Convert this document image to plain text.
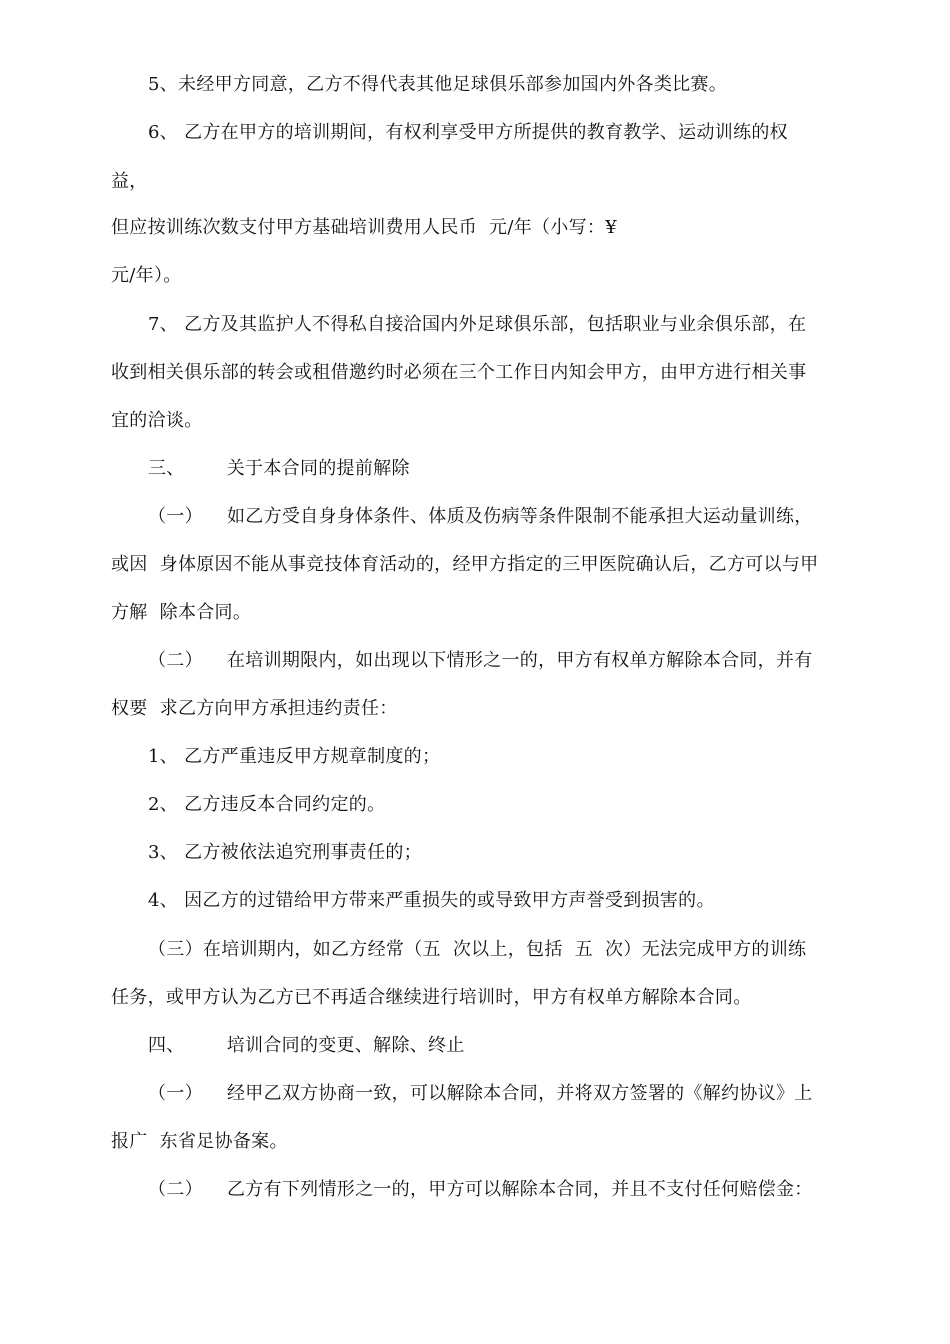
5、未经甲方同意，乙方不得代表其他足球俱乐部参加国内外各类比赛。
6、 乙方在甲方的培训期间，有权利享受甲方所提供的教育教学、运动训练的权
益，
但应按训练次数支付甲方基础培训费用人民币  元/年（小写：¥
元/年）。
7、 乙方及其监护人不得私自接洽国内外足球俱乐部，包括职业与业余俱乐部，在
收到相关俱乐部的转会或租借邀约时必须在三个工作日内知会甲方，由甲方进行相关事
宜的洽谈。
三、       关于本合同的提前解除
（一）    如乙方受自身身体条件、体质及伤病等条件限制不能承担大运动量训练，
或因  身体原因不能从事竞技体育活动的，经甲方指定的三甲医院确认后，乙方可以与甲
方解  除本合同。
（二）    在培训期限内，如出现以下情形之一的，甲方有权单方解除本合同，并有
权要  求乙方向甲方承担违约责任：
1、 乙方严重违反甲方规章制度的；
2、 乙方违反本合同约定的。
3、 乙方被依法追究刑事责任的；
4、 因乙方的过错给甲方带来严重损失的或导致甲方声誉受到损害的。
（三）在培训期内，如乙方经常（五  次以上，包括  五  次）无法完成甲方的训练
任务，或甲方认为乙方已不再适合继续进行培训时，甲方有权单方解除本合同。
四、       培训合同的变更、解除、终止
（一）    经甲乙双方协商一致，可以解除本合同，并将双方签署的《解约协议》上
报广  东省足协备案。
（二）    乙方有下列情形之一的，甲方可以解除本合同，并且不支付任何赔偿金：
